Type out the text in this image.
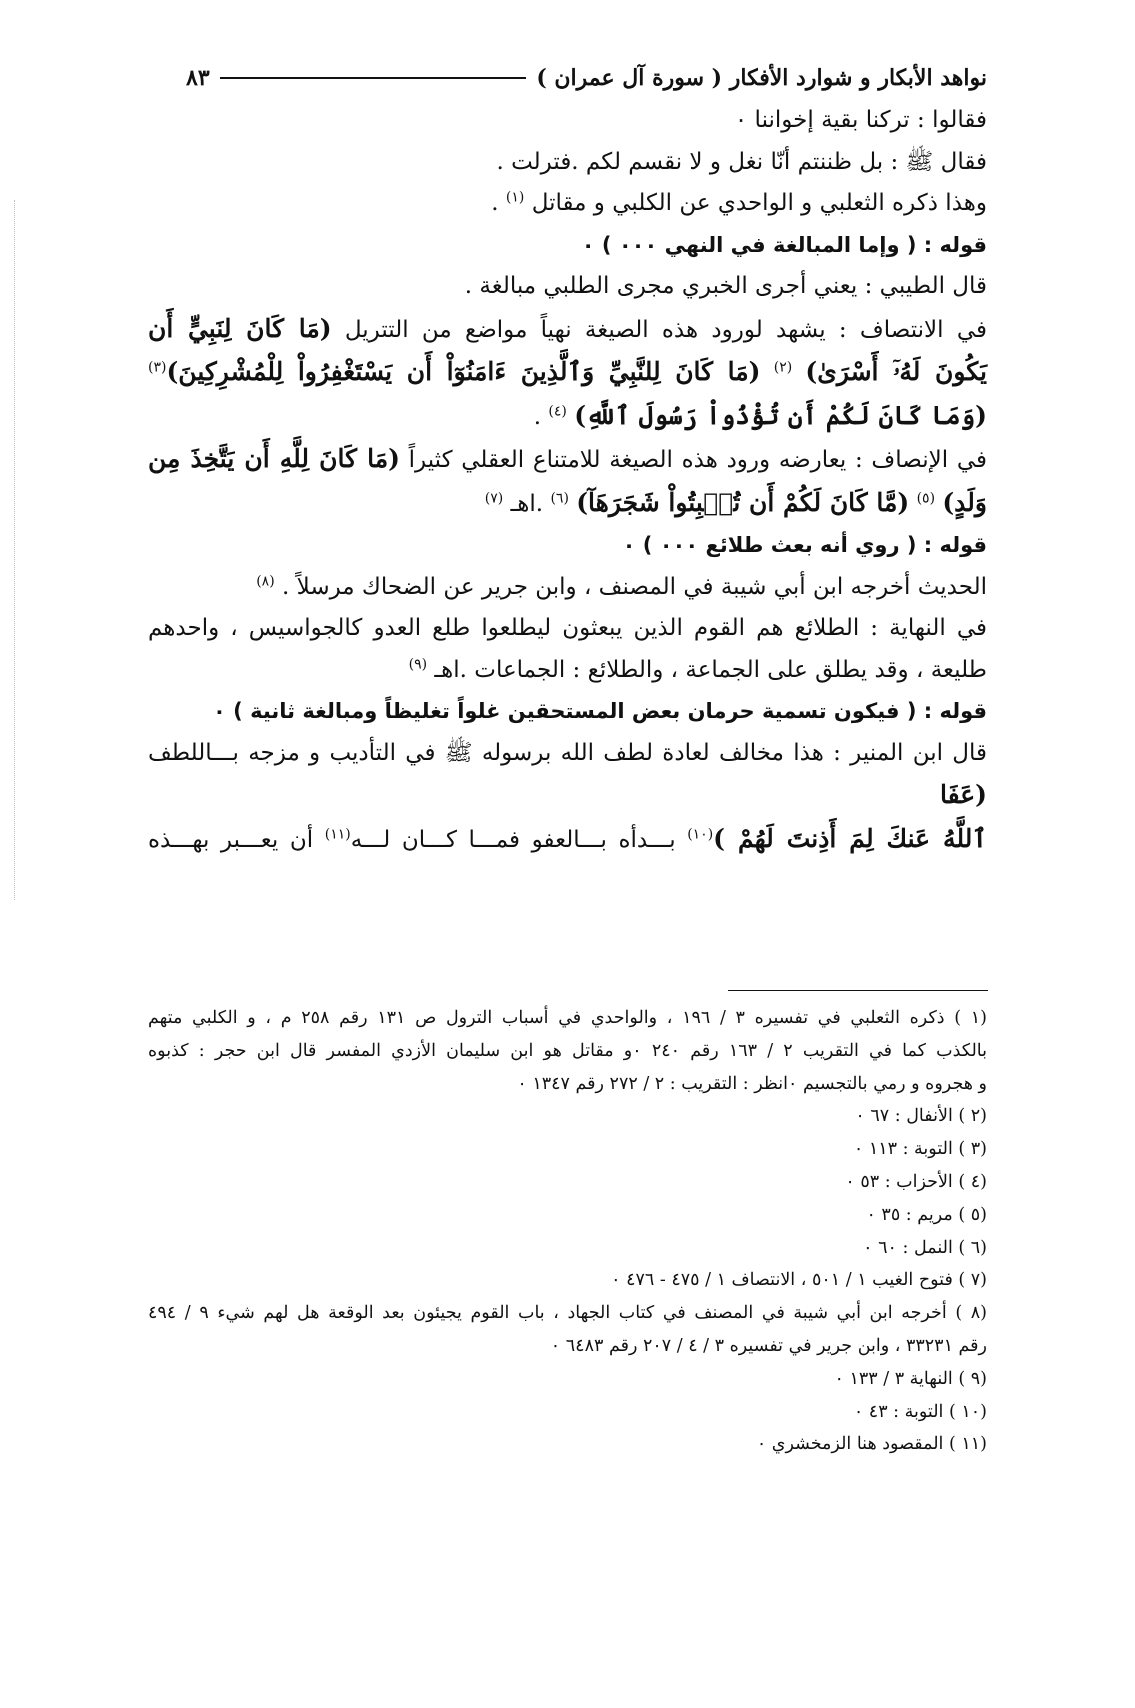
نواهد الأبكار و شوارد الأفكار ( سورة آل عمران )
٨٣
فقالوا : تركنا بقية إخواننا ٠
فقال ﷺ : بل ظننتم أنّا نغل و لا نقسم لكم .فترلت .
وهذا ذكره الثعلبي و الواحدي عن الكلبي و مقاتل $^{(١)}$ .
قوله : ( وإما المبالغة في النهي ٠٠٠ ) ٠
قال الطيبي : يعني أجرى الخبري مجرى الطلبي مبالغة .
في الانتصاف : يشهد لورود هذه الصيغة نهياً مواضع من التتريل (مَا كَانَ لِنَبِيٍّ أَن
يَكُونَ لَهُۥٓ أَسْرَىٰ) $^{(٢)}$ (مَا كَانَ لِلنَّبِيِّ وَٱلَّذِينَ ءَامَنُوٓاْ أَن يَسْتَغْفِرُواْ لِلْمُشْرِكِينَ)$^{(٣)}$
(وَمَا كَانَ لَكُمْ أَن تُؤْذُواْ رَسُولَ ٱللَّهِ) $^{(٤)}$ .
في الإنصاف : يعارضه ورود هذه الصيغة للامتناع العقلي كثيراً (مَا كَانَ لِلَّهِ أَن يَتَّخِذَ مِن
وَلَدٍ) $^{(٥)}$ (مَّا كَانَ لَكُمْ أَن تُنۢبِتُواْ شَجَرَهَآ) $^{(٦)}$ .اهـ $^{(٧)}$
قوله : ( روي أنه بعث طلائع ٠٠٠ ) ٠
الحديث أخرجه ابن أبي شيبة في المصنف ، وابن جرير عن الضحاك مرسلاً . $^{(٨)}$
في النهاية : الطلائع هم القوم الذين يبعثون ليطلعوا طلع العدو كالجواسيس ، واحدهم
طليعة ، وقد يطلق على الجماعة ، والطلائع : الجماعات .اهـ $^{(٩)}$
قوله : ( فيكون تسمية حرمان بعض المستحقين غلواً تغليظاً ومبالغة ثانية ) ٠
قال ابن المنير : هذا مخالف لعادة لطف الله برسوله ﷺ في التأديب و مزجه بـــاللطف (عَفَا
ٱللَّهُ عَنكَ لِمَ أَذِنتَ لَهُمْ )$^{(١٠)}$ بـــدأه بـــالعفو فمـــا كـــان لـــه$^{(١١)}$ أن يعـــبر بهـــذه
(١ ) ذكره الثعلبي في تفسيره ٣ / ١٩٦ ، والواحدي في أسباب الترول ص ١٣١ رقم ٢٥٨ م ، و الكلبي متهم
بالكذب كما في التقريب ٢ / ١٦٣ رقم ٢٤٠ ٠و مقاتل هو ابن سليمان الأزدي المفسر قال ابن حجر : كذبوه
و هجروه و رمي بالتجسيم ٠انظر : التقريب : ٢ / ٢٧٢ رقم ١٣٤٧ ٠
(٢ ) الأنفال : ٦٧ ٠
(٣ ) التوبة : ١١٣ ٠
(٤ ) الأحزاب : ٥٣ ٠
(٥ ) مريم : ٣٥ ٠
(٦ ) النمل : ٦٠ ٠
(٧ ) فتوح الغيب ١ / ٥٠١ ، الانتصاف ١ / ٤٧٥ - ٤٧٦ ٠
(٨ ) أخرجه ابن أبي شيبة في المصنف في كتاب الجهاد ، باب القوم يجيئون بعد الوقعة هل لهم شيء ٩ / ٤٩٤
رقم ٣٣٢٣١ ، وابن جرير في تفسيره ٣ / ٤ / ٢٠٧ رقم ٦٤٨٣ ٠
(٩ ) النهاية ٣ / ١٣٣ ٠
(١٠ ) التوبة : ٤٣ ٠
(١١ ) المقصود هنا الزمخشري ٠
